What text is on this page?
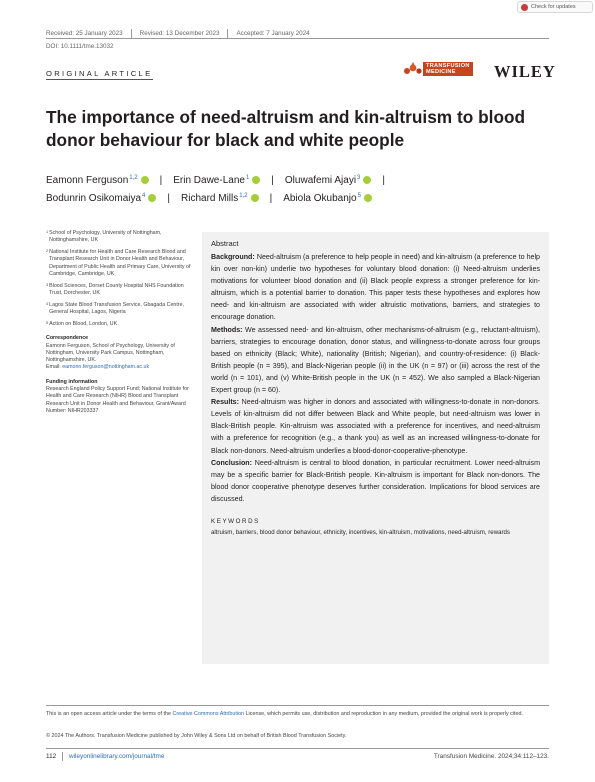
Check for updates
Received: 25 January 2023	Revised: 13 December 2023	Accepted: 7 January 2024
DOI: 10.1111/tme.13032
ORIGINAL ARTICLE
TRANSFUSION
MEDICINE	WILEY
The importance of need-altruism and kin-altruism to blood
donor behaviour for black and white people
Eamonn Ferguson$^{1,2}$ | Erin Dawe-Lane$^1$ | Oluwafemi Ajayi$^3$ |
Bodunrin Osikomaiya$^4$ | Richard Mills$^{1,2}$ | Abiola Okubanjo$^5$
1 School of Psychology, University of Nottingham, Nottinghamshire, UK
2 National Institute for Health and Care Research Blood and Transplant Research Unit in Donor Health and Behaviour, Department of Public Health and Primary Care, University of Cambridge, Cambridge, UK
3 Blood Sciences, Dorset County Hospital NHS Foundation Trust, Dorchester, UK
4 Lagos State Blood Transfusion Service, Gbagada Centre, General Hospital, Lagos, Nigeria
5 Action on Blood, London, UK
Correspondence
Eamonn Ferguson, School of Psychology, University of Nottingham, University Park Campus, Nottingham, Nottinghamshire, UK.
Email: eamonn.ferguson@nottingham.ac.uk
Funding information
Research England Policy Support Fund; National Institute for Health and Care Research (NIHR) Blood and Transplant Research Unit in Donor Health and Behaviour, Grant/Award Number: NIHR203337
Abstract

Background: Need-altruism (a preference to help people in need) and kin-altruism (a preference to help kin over non-kin) underlie two hypotheses for voluntary blood donation: (i) Need-altruism underlies motivations for volunteer blood donation and (ii) Black people express a stronger preference for kin-altruism, which is a potential barrier to donation. This paper tests these hypotheses and explores how need- and kin-altruism are associated with wider altruistic motivations, barriers, and strategies to encourage donation.

Methods: We assessed need- and kin-altruism, other mechanisms-of-altruism (e.g., reluctant-altruism), barriers, strategies to encourage donation, donor status, and willingness-to-donate across four groups based on ethnicity (Black; White), nationality (British; Nigerian), and country-of-residence: (i) Black-British people (n = 395), and Black-Nigerian people (ii) in the UK (n = 97) or (iii) across the rest of the world (n = 101), and (v) White-British people in the UK (n = 452). We also sampled a Black-Nigerian Expert group (n = 60).

Results: Need-altruism was higher in donors and associated with willingness-to-donate in non-donors. Levels of kin-altruism did not differ between Black and White people, but need-altruism was lower in Black-British people. Kin-altruism was associated with a preference for incentives, and need-altruism with a preference for recognition (e.g., a thank you) as well as an increased willingness-to-donate for Black non-donors. Need-altruism underlies a blood-donor-cooperative-phenotype.

Conclusion: Need-altruism is central to blood donation, in particular recruitment. Lower need-altruism may be a specific barrier for Black-British people. Kin-altruism is important for Black non-donors. The blood donor cooperative phenotype deserves further consideration. Implications for blood services are discussed.

KEYWORDS
altruism, barriers, blood donor behaviour, ethnicity, incentives, kin-altruism, motivations, need-altruism, rewards
This is an open access article under the terms of the Creative Commons Attribution License, which permits use, distribution and reproduction in any medium, provided the original work is properly cited.
© 2024 The Authors. Transfusion Medicine published by John Wiley & Sons Ltd on behalf of British Blood Transfusion Society.
112 wileyonlinelibrary.com/journal/tme	Transfusion Medicine. 2024;34:112–123.
